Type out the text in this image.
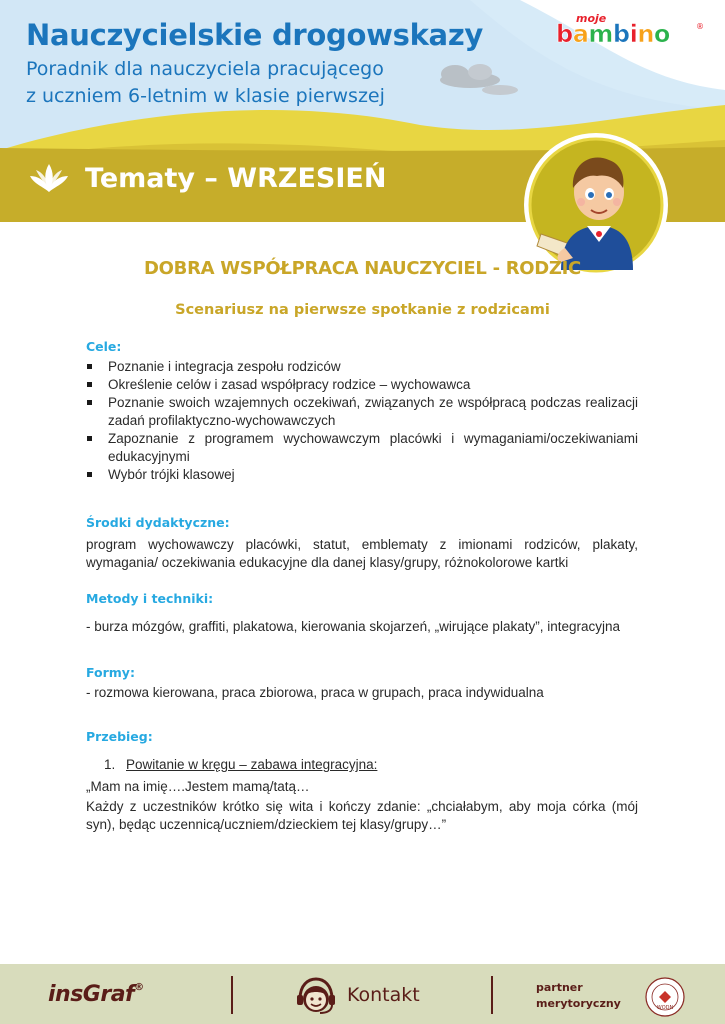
Nauczycielskie drogowskazy

Poradnik dla nauczyciela pracującego

z uczniem 6-letnim w klasie pierwszej

moje
bambino	®
Tematy – WRZESIEŃ
DOBRA WSPÓŁPRACA NAUCZYCIEL - RODZIC

Scenariusz na pierwsze spotkanie z rodzicami

Cele:

Poznanie i integracja zespołu rodziców
Określenie celów i zasad współpracy rodzice – wychowawca
Poznanie swoich wzajemnych oczekiwań, związanych ze współpracą podczas realizacji zadań profilaktyczno-wychowawczych
Zapoznanie z programem wychowawczym placówki i wymaganiami/oczekiwaniami edukacyjnymi
Wybór trójki klasowej

Środki dydaktyczne:

program wychowawczy placówki, statut, emblematy z imionami rodziców, plakaty, wymagania/ oczekiwania edukacyjne dla danej klasy/grupy, różnokolorowe kartki

Metody i techniki:

- burza mózgów, graffiti, plakatowa, kierowania skojarzeń, „wirujące plakaty”, integracyjna

Formy:

- rozmowa kierowana, praca zbiorowa, praca w grupach, praca indywidualna

Przebieg:

1. Powitanie w kręgu – zabawa integracyjna:

„Mam na imię….Jestem mamą/tatą…

Każdy z uczestników krótko się wita i kończy zdanie: „chciałabym, aby moja córka (mój syn), będąc uczennicą/uczniem/dzieckiem tej klasy/grupy…”

insGraf®	Kontakt	partner
merytoryczny	WODN
